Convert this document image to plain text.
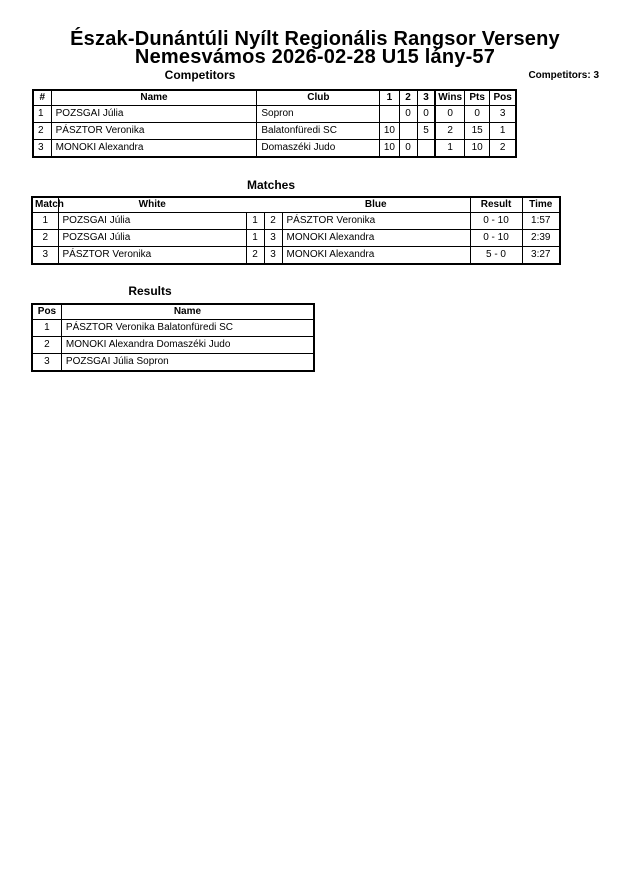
Észak-Dunántúli Nyílt Regionális Rangsor Verseny
Nemesvámos 2026-02-28 U15 lány-57
Competitors	Competitors: 3
#	Name	Club	1	2	3	Wins	Pts	Pos
1	POZSGAI Júlia	Sopron		0	0	0	0	3
2	PÁSZTOR Veronika	Balatonfüredi SC	10		5	2	15	1
3	MONOKI Alexandra	Domaszéki Judo	10	0		1	10	2
Matches
Match	White			Blue	Result	Time
1	POZSGAI Júlia	1	2	PÁSZTOR Veronika	0 - 10	1:57
2	POZSGAI Júlia	1	3	MONOKI Alexandra	0 - 10	2:39
3	PÁSZTOR Veronika	2	3	MONOKI Alexandra	5 - 0	3:27
Results
Pos	Name
1	PÁSZTOR Veronika Balatonfüredi SC
2	MONOKI Alexandra Domaszéki Judo
3	POZSGAI Júlia Sopron
